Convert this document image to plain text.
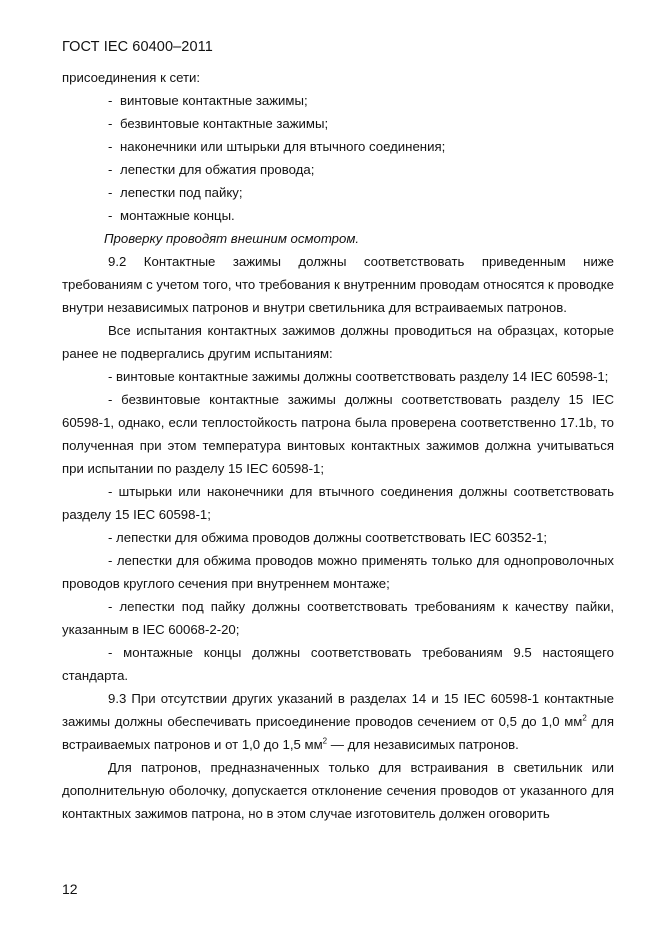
ГОСТ IEC 60400–2011

присоединения к сети:

- винтовые контактные зажимы;

- безвинтовые контактные зажимы;

- наконечники или штырьки для втычного соединения;

- лепестки для обжатия провода;

- лепестки под пайку;

- монтажные концы.

Проверку проводят внешним осмотром.

9.2 Контактные зажимы должны соответствовать приведенным ниже требованиям с учетом того, что требования к внутренним проводам относятся к проводке внутри независимых патронов и внутри светильника для встраиваемых патронов.

Все испытания контактных зажимов должны проводиться на образцах, которые ранее не подвергались другим испытаниям:

- винтовые контактные зажимы должны соответствовать разделу 14 IEC 60598-1;

- безвинтовые контактные зажимы должны соответствовать разделу 15 IEC 60598-1, однако, если теплостойкость патрона была проверена соответственно 17.1b, то полученная при этом температура винтовых контактных зажимов должна учитываться при испытании по разделу 15 IEC 60598-1;

- штырьки или наконечники для втычного соединения должны соответствовать разделу 15 IEC 60598-1;

- лепестки для обжима проводов должны соответствовать IEC 60352-1;

- лепестки для обжима проводов можно применять только для однопроволочных проводов круглого сечения при внутреннем монтаже;

- лепестки под пайку должны соответствовать требованиям к качеству пайки, указанным в IEC 60068-2-20;

- монтажные концы должны соответствовать требованиям 9.5 настоящего стандарта.

9.3 При отсутствии других указаний в разделах 14 и 15 IEC 60598-1 контактные зажимы должны обеспечивать присоединение проводов сечением от 0,5 до 1,0 $мм^2$ для встраиваемых патронов и от 1,0 до 1,5 $мм^2$ — для независимых патронов.

Для патронов, предназначенных только для встраивания в светильник или дополнительную оболочку, допускается отклонение сечения проводов от указанного для контактных зажимов патрона, но в этом случае изготовитель должен оговорить

12
